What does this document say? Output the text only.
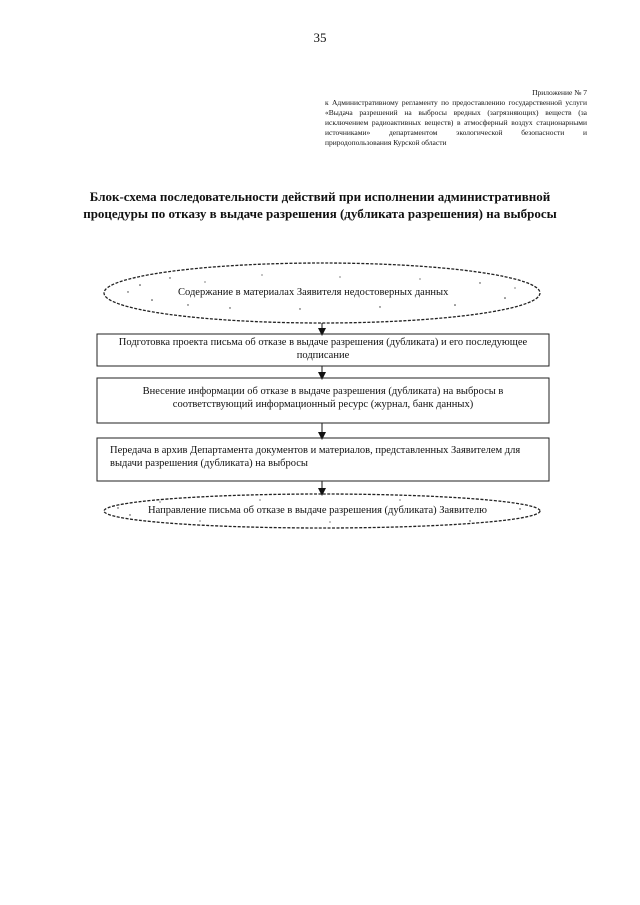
35
Приложение № 7
к Административному регламенту по предоставлению государственной услуги «Выдача разрешений на выбросы вредных (загрязняющих) веществ (за исключением радиоактивных веществ) в атмосферный воздух стационарными источниками» департаментом экологической безопасности и природопользования Курской области
Блок-схема последовательности действий при исполнении административной процедуры по отказу в выдаче разрешения (дубликата разрешения) на выбросы
Содержание в материалах Заявителя недостоверных данных
Подготовка проекта письма об отказе в выдаче разрешения (дубликата) и его последующее подписание
Внесение информации об отказе в выдаче разрешения (дубликата) на выбросы в соответствующий информационный ресурс (журнал, банк данных)
Передача в архив Департамента документов и материалов, представленных Заявителем для выдачи разрешения (дубликата) на выбросы
Направление письма об отказе в выдаче разрешения (дубликата) Заявителю
